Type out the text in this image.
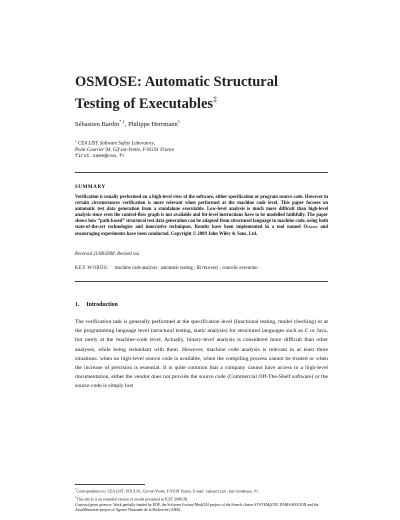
OSMOSE: Automatic Structural
Testing of Executables‡
Sébastien Bardin$^{*,1}$, Philippe Herrmann$^1$
$^1$ CEA LIST, Software Safety Laboratory,
Point Courrier 94, Gif-sur-Yvette, F-91191 France
first.name@cea.fr
SUMMARY
Verification is usually performed on a high-level view of the software, either specification or program source code. However in certain circumstances verification is more relevant when performed at the machine code level. This paper focuses on automatic test data generation from a standalone executable. Low-level analysis is much more difficult than high-level analysis since even the control-flow graph is not available and bit-level instructions have to be modelled faithfully. The paper shows how “path-based” structural test data generation can be adapted from structured language to machine code, using both state-of-the-art technologies and innovative techniques. Results have been implemented in a tool named Osmose and encouraging experiments have been conducted. Copyright © 2009 John Wiley & Sons, Ltd.
Received 21/08/2008; Revised xxx
KEY WORDS: machine code analysis ; automatic testing ; IR recovery ; concolic execution
1. Introduction

The verification task is generally performed at the specification level (functional testing, model checking) or at the programming language level (structural testing, static analysis) for structured languages such as C or Java, but rarely at the machine-code level. Actually, binary-level analysis is considered more difficult than other analyses, while being redundant with them. However, machine code analysis is relevant in at least three situations: when no high-level source code is available, when the compiling process cannot be trusted or when the increase of precision is essential. It is quite common that a company cannot have access to a high-level documentation, either the vendor does not provide the source code (Commercial Off-The-Shelf software) or the source code is simply lost

*Correspondence to: CEA LIST, SOL/LSL, Gif-sur-Yvette, F-91191 France. E-mail: sebastien.bardin@cea.fr
‡This article is an extended version of results presented at ICST 2008 [8].
Contract/grant sponsor: Work partially funded by EDF, the Software Factory/MediTAl project of the French cluster SYSTEM@TIC PARIS-REGION and the AsynMemoriae project of Agence Nationale de la Recherche (ANR).
